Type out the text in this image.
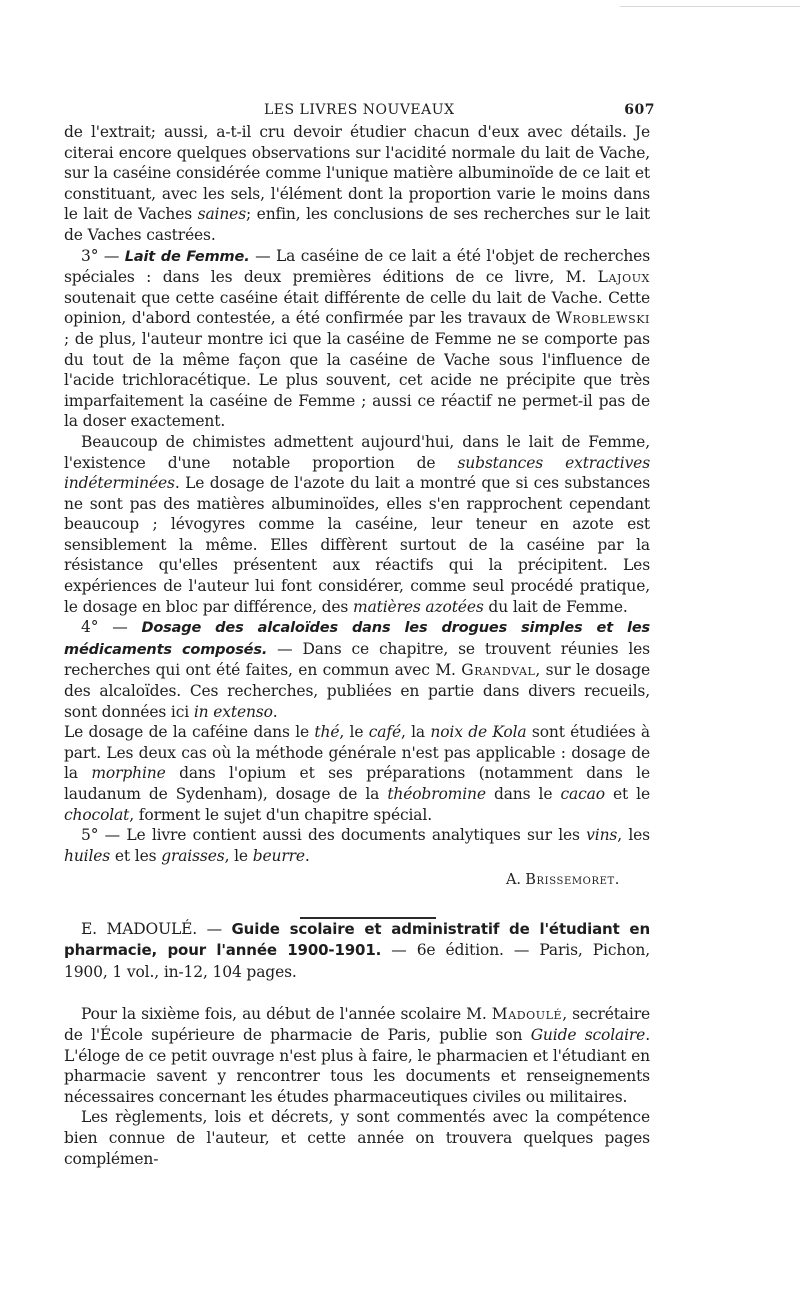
LES LIVRES NOUVEAUX	607

de l'extrait; aussi, a-t-il cru devoir étudier chacun d'eux avec détails. Je citerai encore quelques observations sur l'acidité normale du lait de Vache, sur la caséine considérée comme l'unique matière albuminoïde de ce lait et constituant, avec les sels, l'élément dont la proportion varie le moins dans le lait de Vaches saines; enfin, les conclusions de ses recherches sur le lait de Vaches castrées.

3° — Lait de Femme. — La caséine de ce lait a été l'objet de recherches spéciales : dans les deux premières éditions de ce livre, M. Lajoux soutenait que cette caséine était différente de celle du lait de Vache. Cette opinion, d'abord contestée, a été confirmée par les travaux de Wroblewski ; de plus, l'auteur montre ici que la caséine de Femme ne se comporte pas du tout de la même façon que la caséine de Vache sous l'influence de l'acide trichloracétique. Le plus souvent, cet acide ne précipite que très imparfaitement la caséine de Femme ; aussi ce réactif ne permet-il pas de la doser exactement.

Beaucoup de chimistes admettent aujourd'hui, dans le lait de Femme, l'existence d'une notable proportion de substances extractives indéterminées. Le dosage de l'azote du lait a montré que si ces substances ne sont pas des matières albuminoïdes, elles s'en rapprochent cependant beaucoup ; lévogyres comme la caséine, leur teneur en azote est sensiblement la même. Elles diffèrent surtout de la caséine par la résistance qu'elles présentent aux réactifs qui la précipitent. Les expériences de l'auteur lui font considérer, comme seul procédé pratique, le dosage en bloc par différence, des matières azotées du lait de Femme.

4° — Dosage des alcaloïdes dans les drogues simples et les médicaments composés. — Dans ce chapitre, se trouvent réunies les recherches qui ont été faites, en commun avec M. Grandval, sur le dosage des alcaloïdes. Ces recherches, publiées en partie dans divers recueils, sont données ici in extenso.

Le dosage de la caféine dans le thé, le café, la noix de Kola sont étudiées à part. Les deux cas où la méthode générale n'est pas applicable : dosage de la morphine dans l'opium et ses préparations (notamment dans le laudanum de Sydenham), dosage de la théobromine dans le cacao et le chocolat, forment le sujet d'un chapitre spécial.

5° — Le livre contient aussi des documents analytiques sur les vins, les huiles et les graisses, le beurre.

A. Brissemoret.

E. MADOULÉ. — Guide scolaire et administratif de l'étudiant en pharmacie, pour l'année 1900-1901. — 6e édition. — Paris, Pichon, 1900, 1 vol., in-12, 104 pages.

Pour la sixième fois, au début de l'année scolaire M. Madoulé, secrétaire de l'École supérieure de pharmacie de Paris, publie son Guide scolaire. L'éloge de ce petit ouvrage n'est plus à faire, le pharmacien et l'étudiant en pharmacie savent y rencontrer tous les documents et renseignements nécessaires concernant les études pharmaceutiques civiles ou militaires.

Les règlements, lois et décrets, y sont commentés avec la compétence bien connue de l'auteur, et cette année on trouvera quelques pages complémen-
